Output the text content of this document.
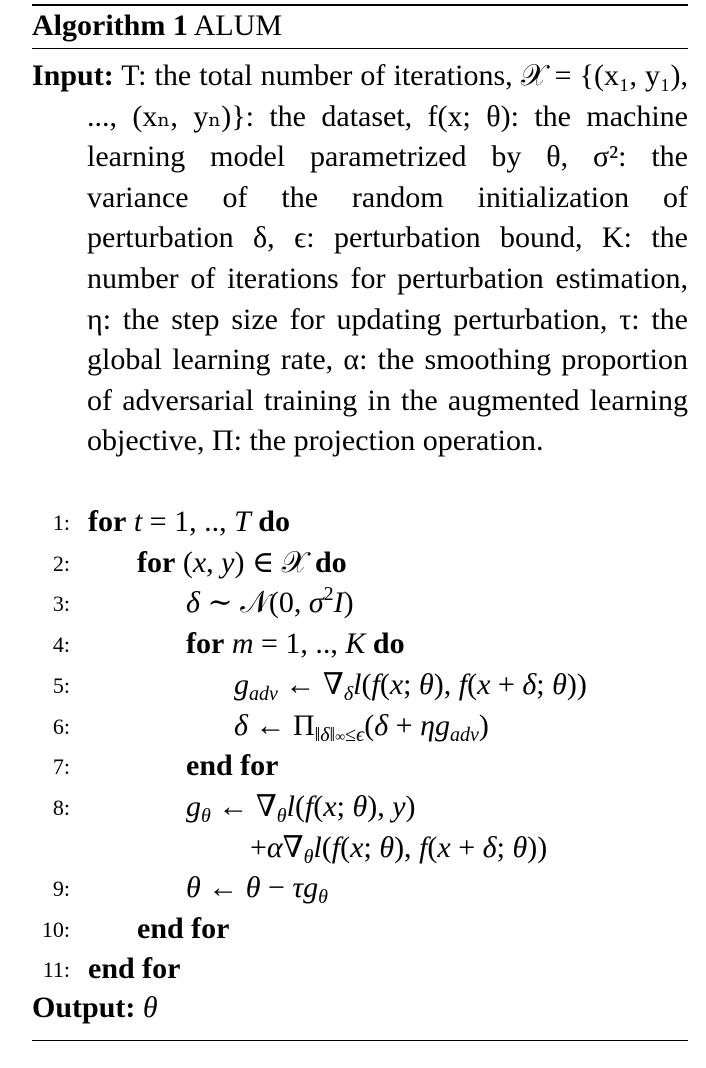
Algorithm 1 ALUM
Input: T: the total number of iterations, 𝒳 = {(x₁, y₁), ..., (xₙ, yₙ)}: the dataset, f(x; θ): the machine learning model parametrized by θ, σ²: the variance of the random initialization of perturbation δ, ϵ: perturbation bound, K: the number of iterations for perturbation estimation, η: the step size for updating perturbation, τ: the global learning rate, α: the smoothing proportion of adversarial training in the augmented learning objective, Π: the projection operation.
1: for t = 1, .., T do
2: for (x, y) ∈ 𝒳 do
3:	δ ∼ 𝒩(0, $\sigma^2I$)
4:	for m = 1, .., K do
5:	$g_{adv}$ ← $\nabla_\delta l(f(x$; θ), f(x + δ; θ))
6:	δ ← $\Pi_{‖\delta‖\infty\le\epsilon}(\delta + \eta g_{adv})$
7:	end for
8:	$g_\theta$ ← $\nabla_\theta l(f(x$; θ), y)
$+\alpha\nabla_\theta l(f(x$; θ), f(x + δ; θ))
9:	θ ← $\theta - \tau g_\theta$
10: end for
11: end for
Output: θ
